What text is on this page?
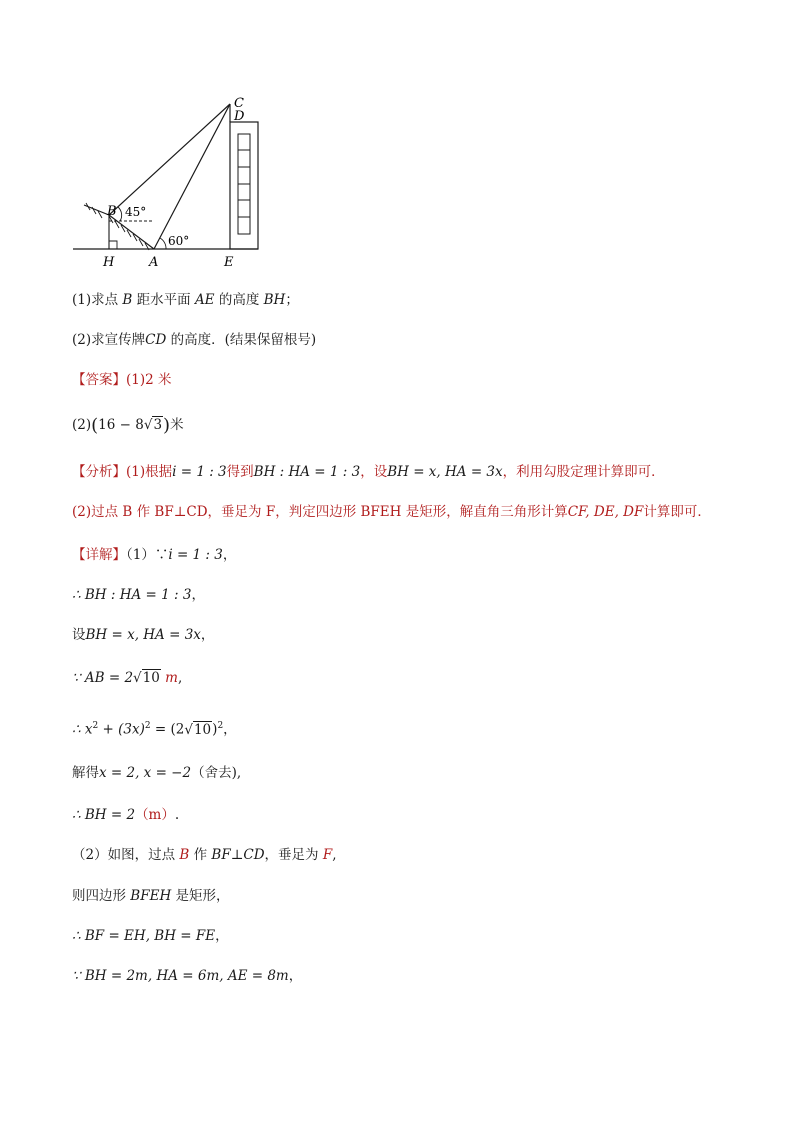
C
D
B 45°
60°
H	A	E
(1)求点 B 距水平面 AE 的高度 BH；
(2)求宣传牌CD 的高度．(结果保留根号)
【答案】(1)2 米
(2)(16 − 8√3)米
【分析】(1)根据i = 1 : 3得到BH : HA = 1 : 3，设BH = x, HA = 3x，利用勾股定理计算即可．
(2)过点 B 作 BF⊥CD，垂足为 F，判定四边形 BFEH 是矩形，解直角三角形计算CF, DE, DF计算即可．
【详解】（1）∵i = 1 : 3，
∴ BH : HA = 1 : 3，
设BH = x, HA = 3x，
∵ AB = 2√10 m,
∴ $x^2 + (3x)^2 = (2√10)^2$，
解得x = 2, x = −2（舍去),
∴ BH = 2（m）.
（2）如图，过点 B 作 BF⊥CD，垂足为 F,
则四边形 BFEH 是矩形，
∴ BF = EH, BH = FE，
∵ BH = 2m, HA = 6m, AE = 8m，
